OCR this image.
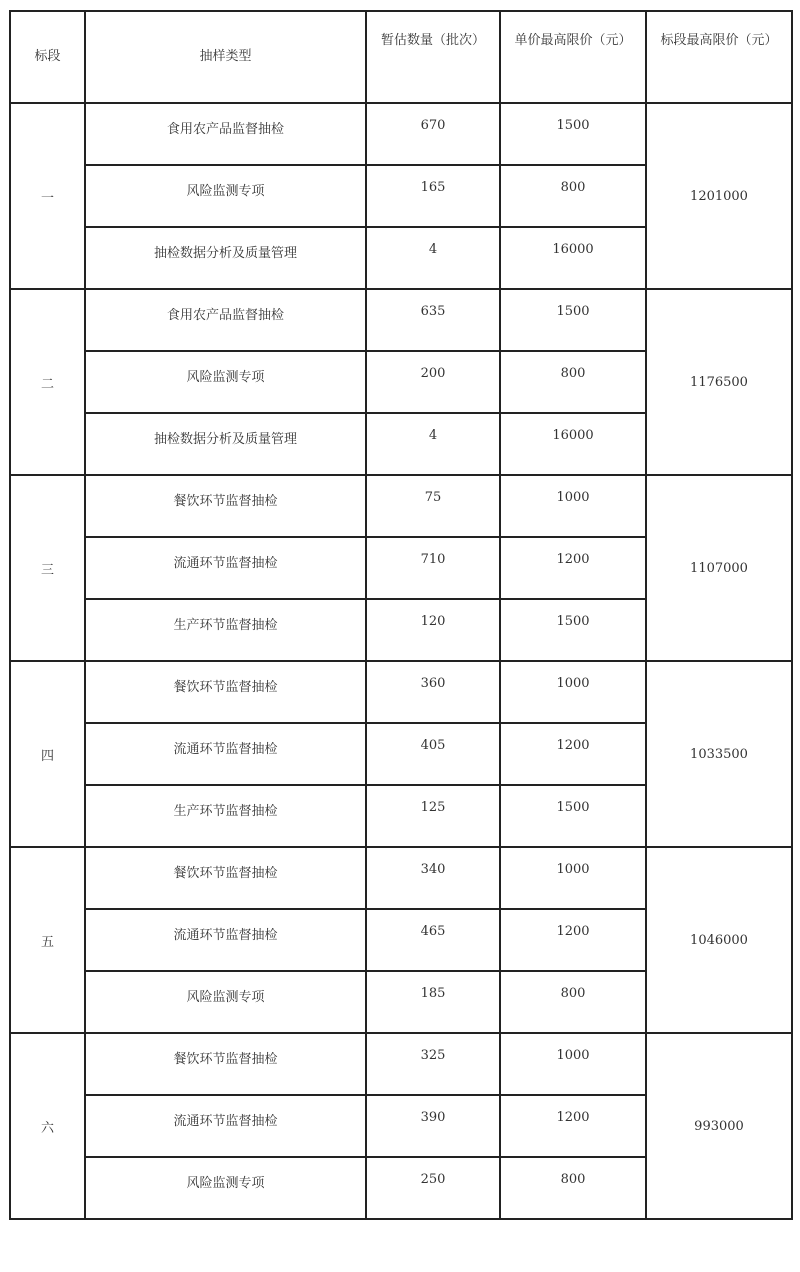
标段	抽样类型	暂估数量（批次）	单价最高限价（元）	标段最高限价（元）
一	食用农产品监督抽检	670	1500	1201000
	风险监测专项	165	800	
	抽检数据分析及质量管理	4	16000	
二	食用农产品监督抽检	635	1500	1176500
	风险监测专项	200	800	
	抽检数据分析及质量管理	4	16000	
三	餐饮环节监督抽检	75	1000	1107000
	流通环节监督抽检	710	1200	
	生产环节监督抽检	120	1500	
四	餐饮环节监督抽检	360	1000	1033500
	流通环节监督抽检	405	1200	
	生产环节监督抽检	125	1500	
五	餐饮环节监督抽检	340	1000	1046000
	流通环节监督抽检	465	1200	
	风险监测专项	185	800	
六	餐饮环节监督抽检	325	1000	993000
	流通环节监督抽检	390	1200	
	风险监测专项	250	800	
